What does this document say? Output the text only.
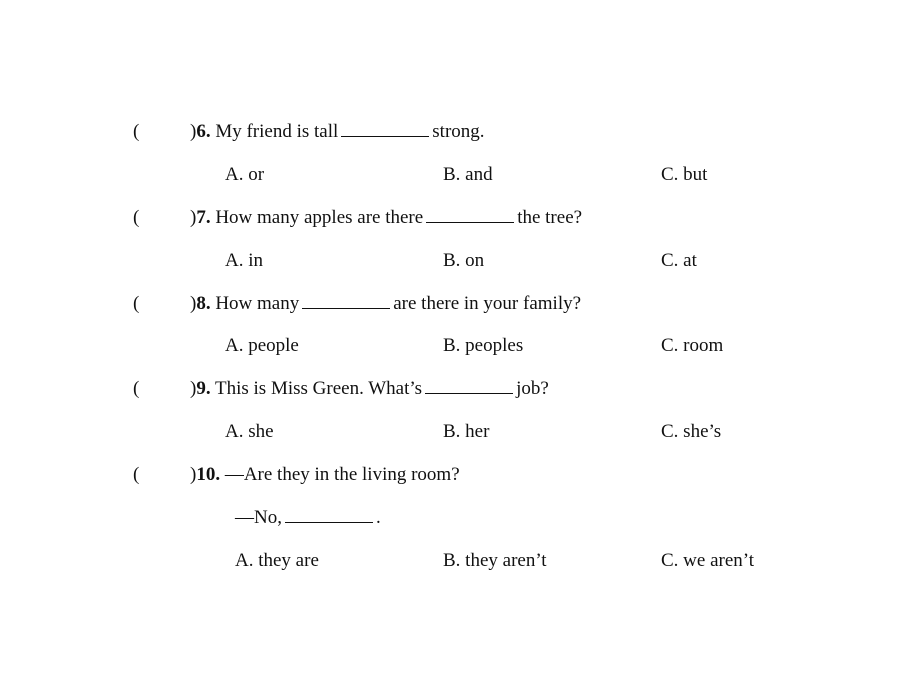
(	)6. My friend is tall	strong.
A. or	B. and	C. but
(	)7. How many apples are there	the tree?
A. in	B. on	C. at
(	)8. How many	are there in your family?
A. people	B. peoples	C. room
(	)9. This is Miss Green. What’s	job?
A. she	B. her	C. she’s
(	)10. —Are they in the living room?
—No,	.
A. they are	B. they aren’t	C. we aren’t
